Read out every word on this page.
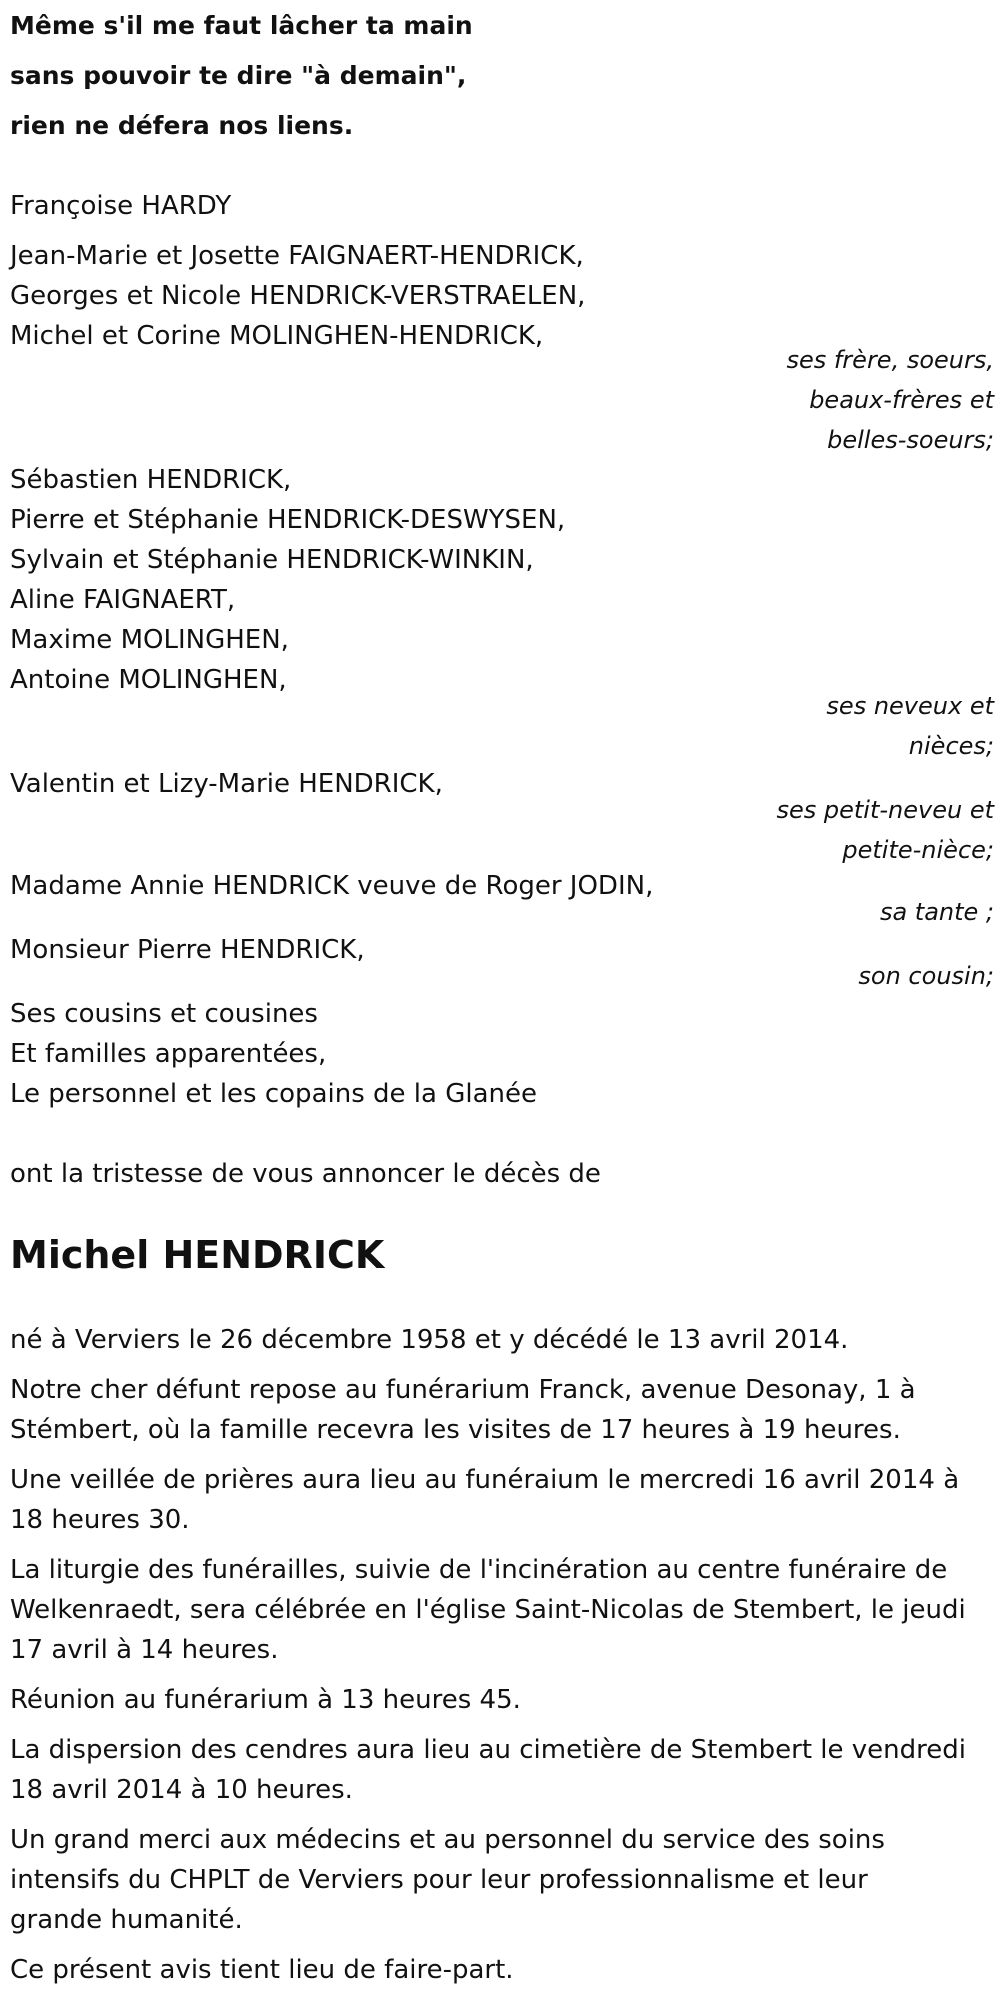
Même s'il me faut lâcher ta main
sans pouvoir te dire "à demain",
rien ne défera nos liens.
Françoise HARDY
Jean-Marie et Josette FAIGNAERT-HENDRICK,
Georges et Nicole HENDRICK-VERSTRAELEN,
Michel et Corine MOLINGHEN-HENDRICK,
ses frère, soeurs,
beaux-frères et
belles-soeurs;
Sébastien HENDRICK,
Pierre et Stéphanie HENDRICK-DESWYSEN,
Sylvain et Stéphanie HENDRICK-WINKIN,
Aline FAIGNAERT,
Maxime MOLINGHEN,
Antoine MOLINGHEN,
ses neveux et
nièces;
Valentin et Lizy-Marie HENDRICK,
ses petit-neveu et
petite-nièce;
Madame Annie HENDRICK veuve de Roger JODIN,
sa tante ;
Monsieur Pierre HENDRICK,
son cousin;
Ses cousins et cousines
Et familles apparentées,
Le personnel et les copains de la Glanée
ont la tristesse de vous annoncer le décès de
Michel HENDRICK
né à Verviers le 26 décembre 1958 et y décédé le 13 avril 2014.
Notre cher défunt repose au funérarium Franck, avenue Desonay, 1 à
Stémbert, où la famille recevra les visites de 17 heures à 19 heures.
Une veillée de prières aura lieu au funéraium le mercredi 16 avril 2014 à
18 heures 30.
La liturgie des funérailles, suivie de l'incinération au centre funéraire de
Welkenraedt, sera célébrée en l'église Saint-Nicolas de Stembert, le jeudi
17 avril à 14 heures.
Réunion au funérarium à 13 heures 45.
La dispersion des cendres aura lieu au cimetière de Stembert le vendredi
18 avril 2014 à 10 heures.
Un grand merci aux médecins et au personnel du service des soins
intensifs du CHPLT de Verviers pour leur professionnalisme et leur
grande humanité.
Ce présent avis tient lieu de faire-part.
